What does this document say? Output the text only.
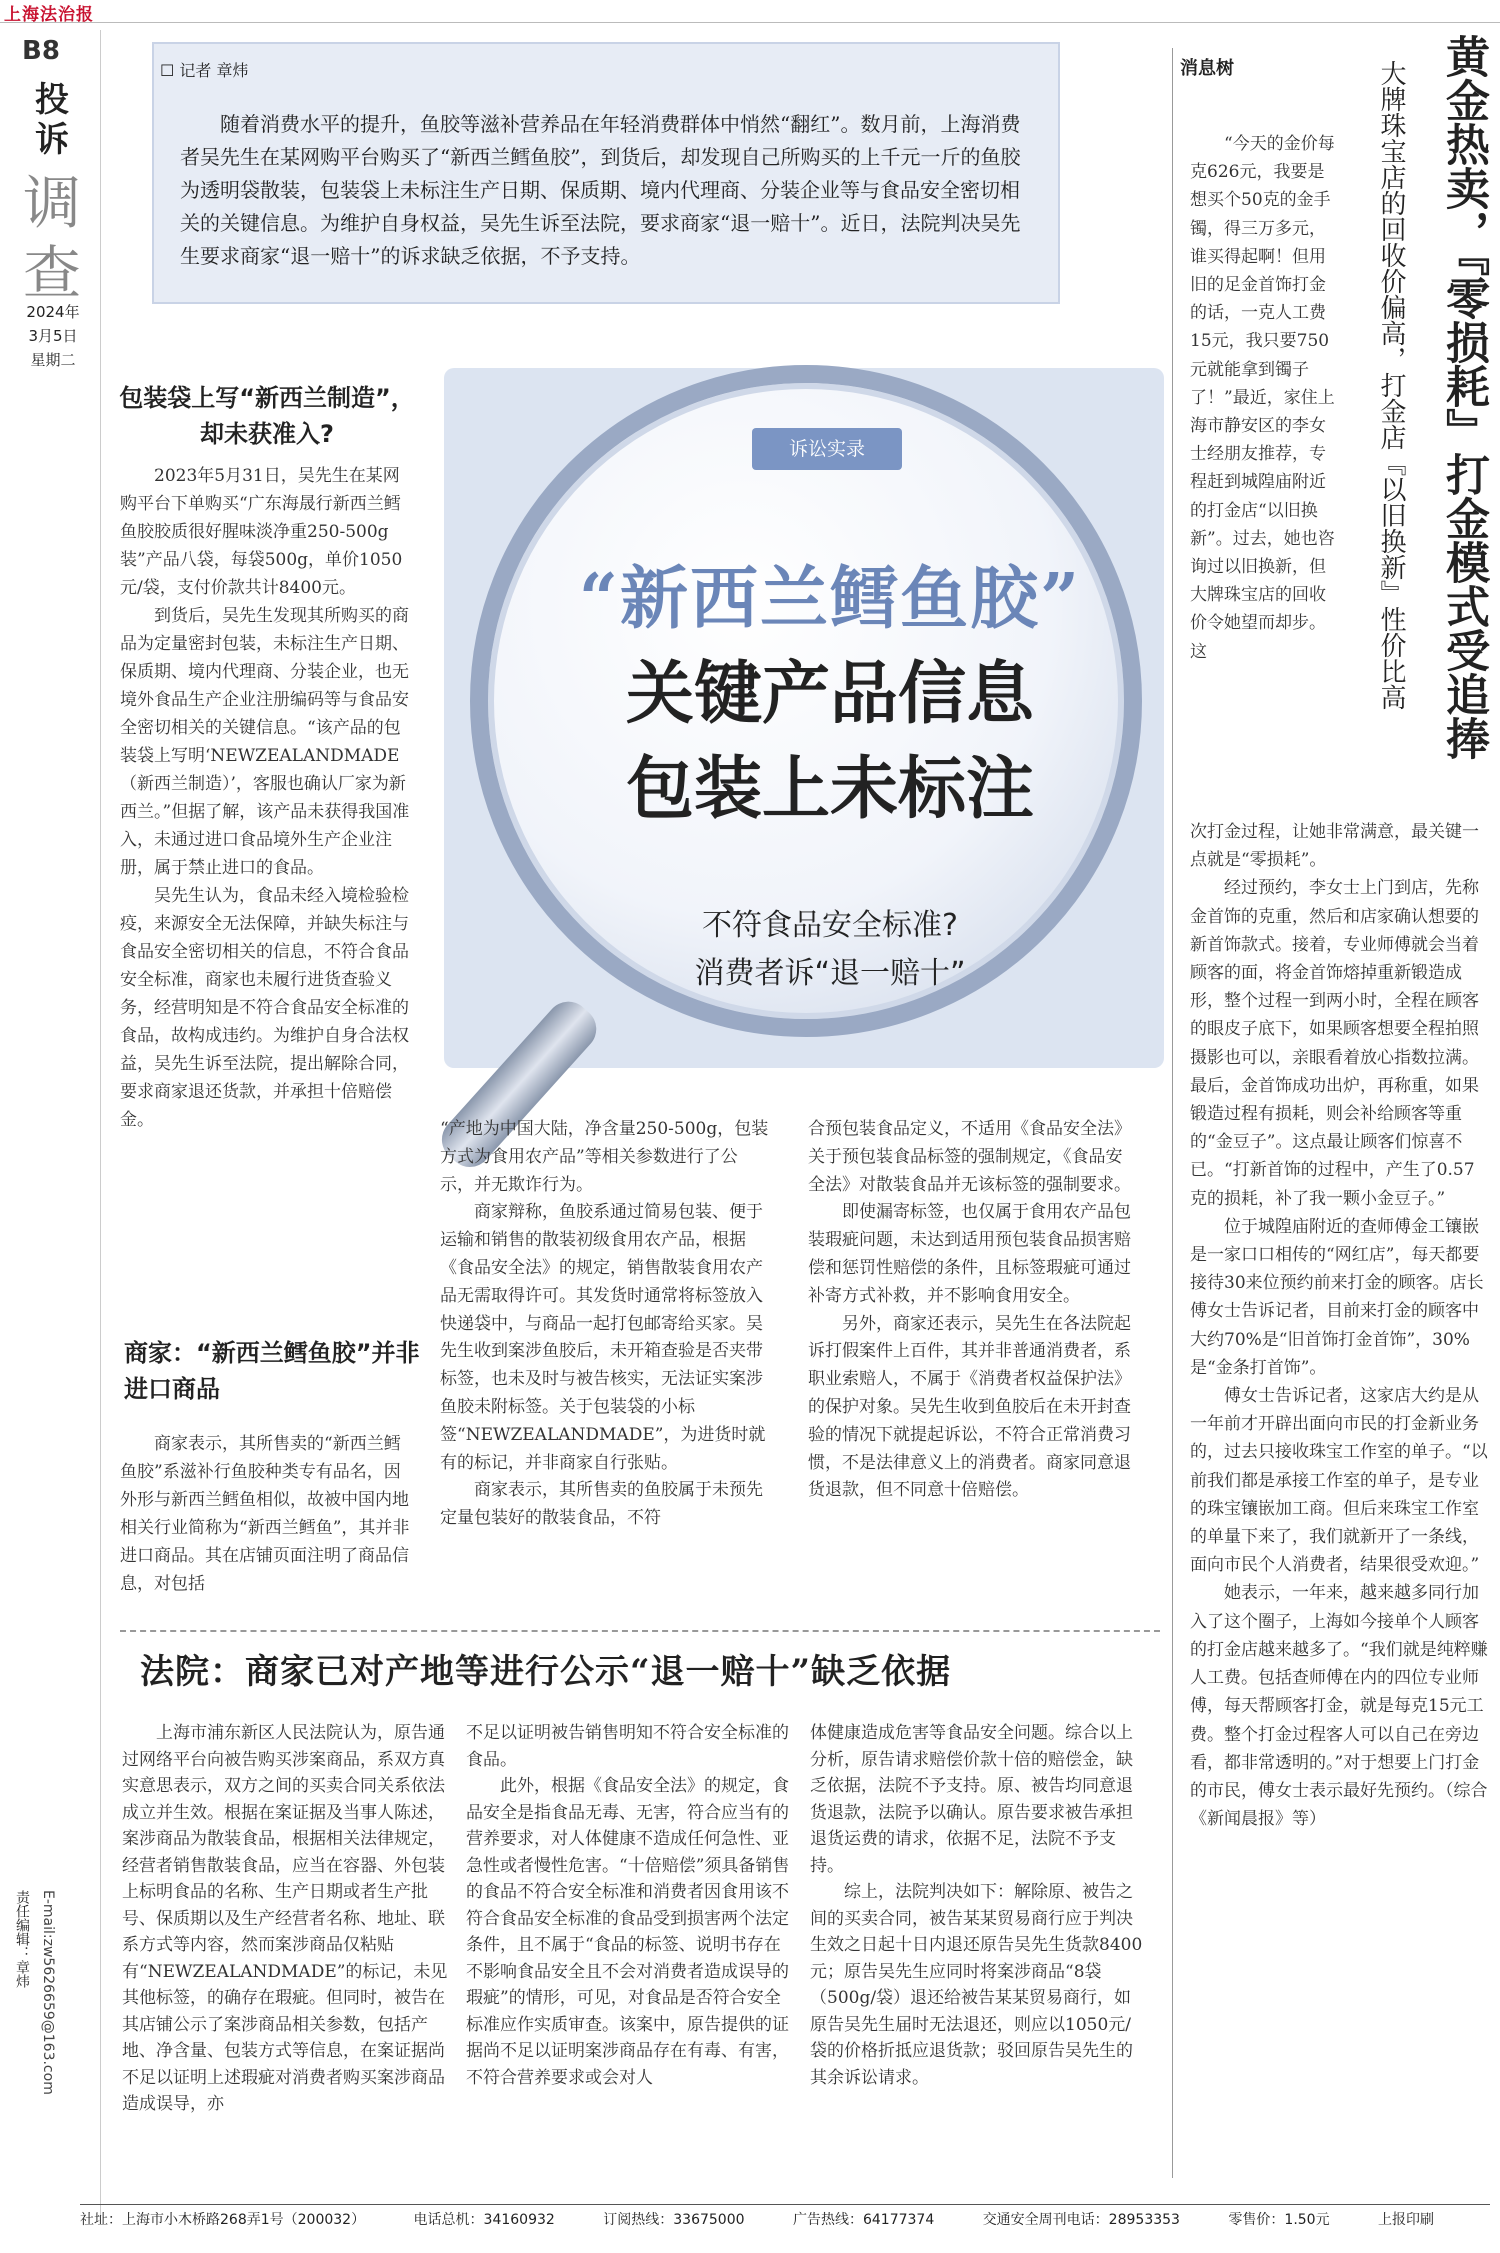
上海法治报
B8
投
诉
调
查
2024年
3月5日
星期二
责任编辑：章炜 E-mail:zw5626659@163.com
☐ 记者 章炜

随着消费水平的提升，鱼胶等滋补营养品在年轻消费群体中悄然“翻红”。数月前，上海消费者吴先生在某网购平台购买了“新西兰鳕鱼胶”，到货后，却发现自己所购买的上千元一斤的鱼胶为透明袋散装，包装袋上未标注生产日期、保质期、境内代理商、分装企业等与食品安全密切相关的关键信息。为维护自身权益，吴先生诉至法院，要求商家“退一赔十”。近日，法院判决吴先生要求商家“退一赔十”的诉求缺乏依据，不予支持。

诉讼实录
“新西兰鳕鱼胶”
关键产品信息
包装上未标注
不符食品安全标准?
消费者诉“退一赔十”
包装袋上写“新西兰制造”，却未获准入?

2023年5月31日，吴先生在某网购平台下单购买“广东海晟行新西兰鳕鱼胶胶质很好腥味淡净重250-500g装”产品八袋，每袋500g，单价1050元/袋，支付价款共计8400元。

到货后，吴先生发现其所购买的商品为定量密封包装，未标注生产日期、保质期、境内代理商、分装企业，也无境外食品生产企业注册编码等与食品安全密切相关的关键信息。“该产品的包装袋上写明‘NEWZEALANDMADE（新西兰制造）’，客服也确认厂家为新西兰。”但据了解，该产品未获得我国准入，未通过进口食品境外生产企业注册，属于禁止进口的食品。

吴先生认为，食品未经入境检验检疫，来源安全无法保障，并缺失标注与食品安全密切相关的信息，不符合食品安全标准，商家也未履行进货查验义务，经营明知是不符合食品安全标准的食品，故构成违约。为维护自身合法权益，吴先生诉至法院，提出解除合同，要求商家退还货款，并承担十倍赔偿金。

商家：“新西兰鳕鱼胶”并非进口商品

商家表示，其所售卖的“新西兰鳕鱼胶”系滋补行鱼胶种类专有品名，因外形与新西兰鳕鱼相似，故被中国内地相关行业简称为“新西兰鳕鱼”，其并非进口商品。其在店铺页面注明了商品信息，对包括

“产地为中国大陆，净含量250-500g，包装方式为食用农产品”等相关参数进行了公示，并无欺诈行为。

商家辩称，鱼胶系通过简易包装、便于运输和销售的散装初级食用农产品，根据《食品安全法》的规定，销售散装食用农产品无需取得许可。其发货时通常将标签放入快递袋中，与商品一起打包邮寄给买家。吴先生收到案涉鱼胶后，未开箱查验是否夹带标签，也未及时与被告核实，无法证实案涉鱼胶未附标签。关于包装袋的小标签“NEWZEALANDMADE”，为进货时就有的标记，并非商家自行张贴。

商家表示，其所售卖的鱼胶属于未预先定量包装好的散装食品，不符

合预包装食品定义，不适用《食品安全法》关于预包装食品标签的强制规定，《食品安全法》对散装食品并无该标签的强制要求。

即使漏寄标签，也仅属于食用农产品包装瑕疵问题，未达到适用预包装食品损害赔偿和惩罚性赔偿的条件，且标签瑕疵可通过补寄方式补救，并不影响食用安全。

另外，商家还表示，吴先生在各法院起诉打假案件上百件，其并非普通消费者，系职业索赔人，不属于《消费者权益保护法》的保护对象。吴先生收到鱼胶后在未开封查验的情况下就提起诉讼，不符合正常消费习惯，不是法律意义上的消费者。商家同意退货退款，但不同意十倍赔偿。

法院：商家已对产地等进行公示“退一赔十”缺乏依据

上海市浦东新区人民法院认为，原告通过网络平台向被告购买涉案商品，系双方真实意思表示，双方之间的买卖合同关系依法成立并生效。根据在案证据及当事人陈述，案涉商品为散装食品，根据相关法律规定，经营者销售散装食品，应当在容器、外包装上标明食品的名称、生产日期或者生产批号、保质期以及生产经营者名称、地址、联系方式等内容，然而案涉商品仅粘贴有“NEWZEALANDMADE”的标记，未见其他标签，的确存在瑕疵。但同时，被告在其店铺公示了案涉商品相关参数，包括产地、净含量、包装方式等信息，在案证据尚不足以证明上述瑕疵对消费者购买案涉商品造成误导，亦

不足以证明被告销售明知不符合安全标准的食品。

此外，根据《食品安全法》的规定，食品安全是指食品无毒、无害，符合应当有的营养要求，对人体健康不造成任何急性、亚急性或者慢性危害。“十倍赔偿”须具备销售的食品不符合安全标准和消费者因食用该不符合食品安全标准的食品受到损害两个法定条件，且不属于“食品的标签、说明书存在不影响食品安全且不会对消费者造成误导的瑕疵”的情形，可见，对食品是否符合安全标准应作实质审查。该案中，原告提供的证据尚不足以证明案涉商品存在有毒、有害，不符合营养要求或会对人

体健康造成危害等食品安全问题。综合以上分析，原告请求赔偿价款十倍的赔偿金，缺乏依据，法院不予支持。原、被告均同意退货退款，法院予以确认。原告要求被告承担退货运费的请求，依据不足，法院不予支持。

综上，法院判决如下：解除原、被告之间的买卖合同，被告某某贸易商行应于判决生效之日起十日内退还原告吴先生货款8400元；原告吴先生应同时将案涉商品“8袋（500g/袋）退还给被告某某贸易商行，如原告吴先生届时无法退还，则应以1050元/袋的价格折抵应退货款；驳回原告吴先生的其余诉讼请求。

消息树	黄金热卖，『零损耗』打金模式受追捧
大牌珠宝店的回收价偏高，打金店『以旧换新』性价比高

“今天的金价每克626元，我要是想买个50克的金手镯，得三万多元，谁买得起啊！但用旧的足金首饰打金的话，一克人工费15元，我只要750元就能拿到镯子了！”最近，家住上海市静安区的李女士经朋友推荐，专程赶到城隍庙附近的打金店“以旧换新”。过去，她也咨询过以旧换新，但大牌珠宝店的回收价令她望而却步。这

次打金过程，让她非常满意，最关键一点就是“零损耗”。

经过预约，李女士上门到店，先称金首饰的克重，然后和店家确认想要的新首饰款式。接着，专业师傅就会当着顾客的面，将金首饰熔掉重新锻造成形，整个过程一到两小时，全程在顾客的眼皮子底下，如果顾客想要全程拍照摄影也可以，亲眼看着放心指数拉满。最后，金首饰成功出炉，再称重，如果锻造过程有损耗，则会补给顾客等重的“金豆子”。这点最让顾客们惊喜不已。“打新首饰的过程中，产生了0.57克的损耗，补了我一颗小金豆子。”

位于城隍庙附近的查师傅金工镶嵌是一家口口相传的“网红店”，每天都要接待30来位预约前来打金的顾客。店长傅女士告诉记者，目前来打金的顾客中大约70%是“旧首饰打金首饰”，30%是“金条打首饰”。

傅女士告诉记者，这家店大约是从一年前才开辟出面向市民的打金新业务的，过去只接收珠宝工作室的单子。“以前我们都是承接工作室的单子，是专业的珠宝镶嵌加工商。但后来珠宝工作室的单量下来了，我们就新开了一条线，面向市民个人消费者，结果很受欢迎。”

她表示，一年来，越来越多同行加入了这个圈子，上海如今接单个人顾客的打金店越来越多了。“我们就是纯粹赚人工费。包括查师傅在内的四位专业师傅，每天帮顾客打金，就是每克15元工费。整个打金过程客人可以自己在旁边看，都非常透明的。”对于想要上门打金的市民，傅女士表示最好先预约。（综合《新闻晨报》等）

社址：上海市小木桥路268弄1号（200032）	电话总机：34160932	订阅热线：33675000	广告热线：64177374	交通安全周刊电话：28953353	零售价：1.50元	上报印刷
